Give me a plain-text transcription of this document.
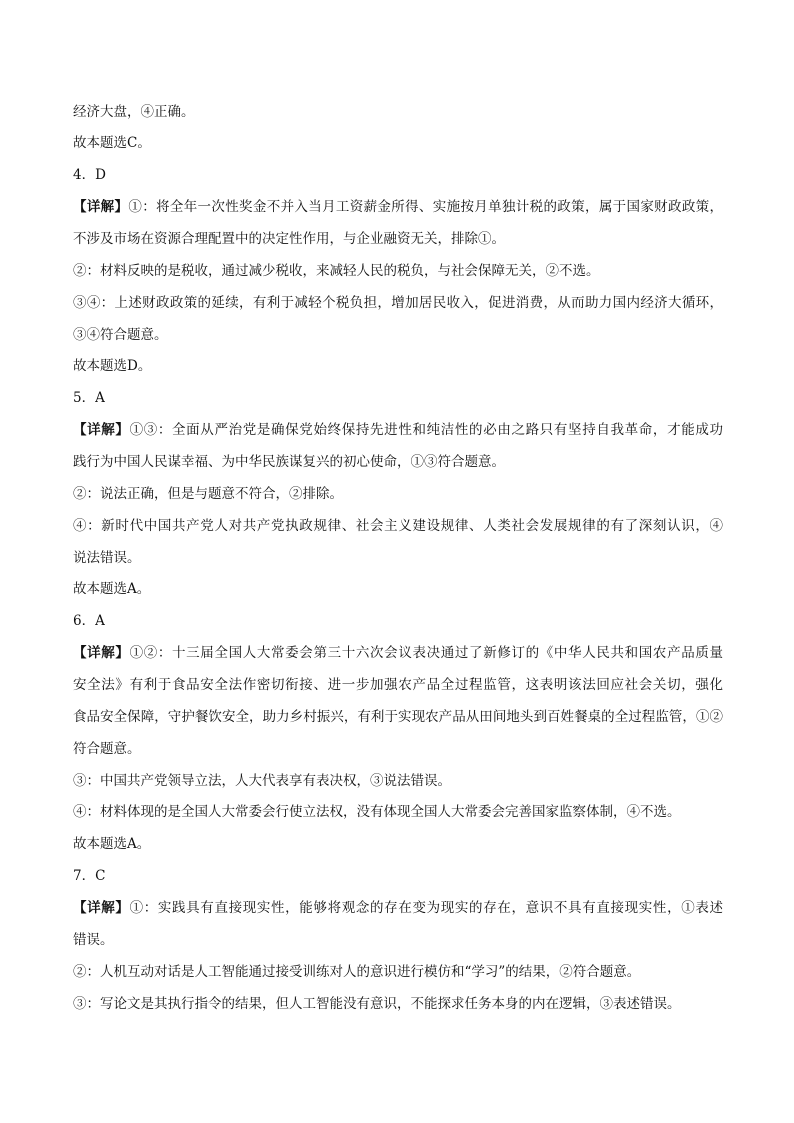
经济大盘，④正确。
故本题选C。
4．D
【详解】①：将全年一次性奖金不并入当月工资薪金所得、实施按月单独计税的政策，属于国家财政政策，
不涉及市场在资源合理配置中的决定性作用，与企业融资无关，排除①。
②：材料反映的是税收，通过减少税收，来减轻人民的税负，与社会保障无关，②不选。
③④：上述财政政策的延续，有利于减轻个税负担，增加居民收入，促进消费，从而助力国内经济大循环，
③④符合题意。
故本题选D。
5．A
【详解】①③：全面从严治党是确保党始终保持先进性和纯洁性的必由之路只有坚持自我革命，才能成功
践行为中国人民谋幸福、为中华民族谋复兴的初心使命，①③符合题意。
②：说法正确，但是与题意不符合，②排除。
④：新时代中国共产党人对共产党执政规律、社会主义建设规律、人类社会发展规律的有了深刻认识，④
说法错误。
故本题选A。
6．A
【详解】①②：十三届全国人大常委会第三十六次会议表决通过了新修订的《中华人民共和国农产品质量
安全法》有利于食品安全法作密切衔接、进一步加强农产品全过程监管，这表明该法回应社会关切，强化
食品安全保障，守护餐饮安全，助力乡村振兴，有利于实现农产品从田间地头到百姓餐桌的全过程监管，①②
符合题意。
③：中国共产党领导立法，人大代表享有表决权，③说法错误。
④：材料体现的是全国人大常委会行使立法权，没有体现全国人大常委会完善国家监察体制，④不选。
故本题选A。
7．C
【详解】①：实践具有直接现实性，能够将观念的存在变为现实的存在，意识不具有直接现实性，①表述
错误。
②：人机互动对话是人工智能通过接受训练对人的意识进行模仿和“学习”的结果，②符合题意。
③：写论文是其执行指令的结果，但人工智能没有意识，不能探求任务本身的内在逻辑，③表述错误。
